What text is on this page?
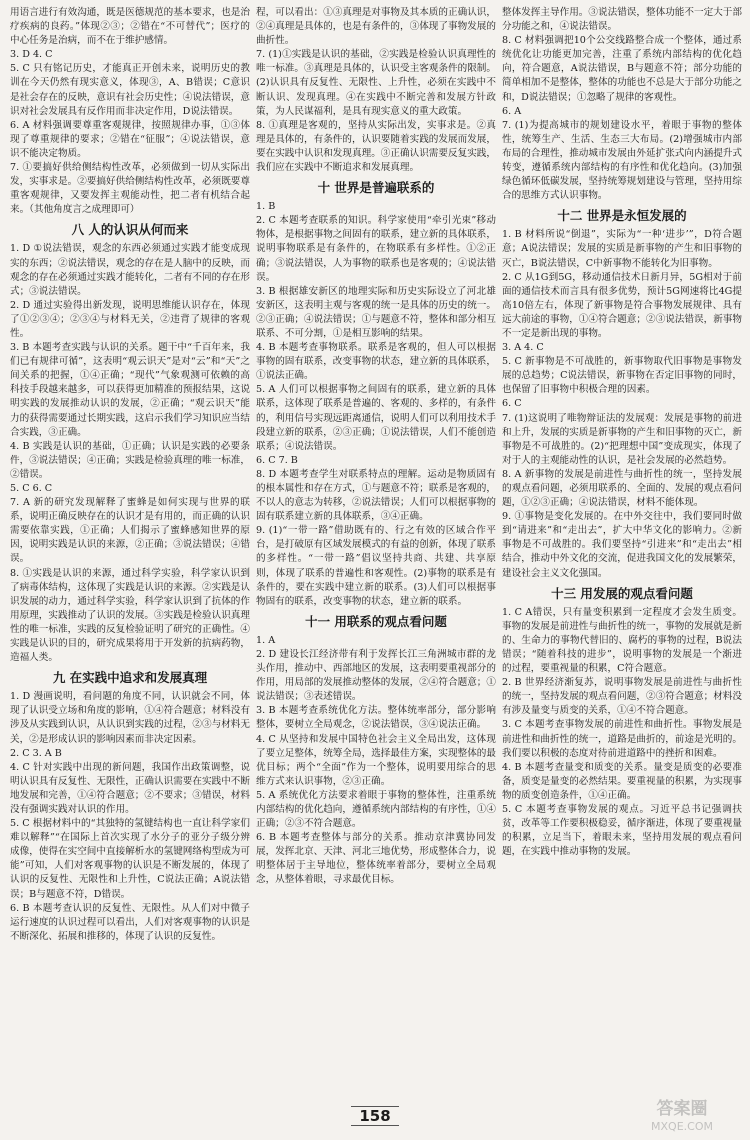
用语言进行有效沟通，既是医德规范的基本要求，也是治疗疾病的良药。”体现②③；②错在“不可替代”；医疗的中心任务是治病，而不在于维护感情。

3. D 4. C

5. C 只有铭记历史，才能真正开创未来，说明历史的教训在今天仍然有现实意义，体现③，A、B错误；C意识是社会存在的反映，意识有社会历史性；④说法错误，意识对社会发展具有反作用而非决定作用，D说法错误。

6. A 材料强调要尊重客观规律，按照规律办事，①③体现了尊重规律的要求；②错在“征服”；④说法错误，意识不能决定物质。

7. ①要搞好供给侧结构性改革，必须做到一切从实际出发，实事求是。②要搞好供给侧结构性改革，必须既要尊重客观规律，又要发挥主观能动性，把二者有机结合起来。（其他角度言之成理即可）

八 人的认识从何而来

1. D ①说法错误，观念的东西必须通过实践才能变成现实的东西；②说法错误，观念的存在是人脑中的反映，而观念的存在必须通过实践才能转化，二者有不同的存在形式；③说法错误。

2. D 通过实验得出新发现，说明思维能认识存在，体现了①②③④；②③④与材料无关，②违背了规律的客观性。

3. B 本题考查实践与认识的关系。题干中“千百年来，我们已有规律可循”，这表明“观云识天”是对“云”和“天”之间关系的把握，①④正确；“现代”气象观测可依赖的高科技手段越来越多，可以获得更加精准的预报结果，这说明实践的发展推动认识的发展，②正确；“观云识天”能力的获得需要通过长期实践，这启示我们学习知识应当结合实践，③正确。

4. B 实践是认识的基础，①正确；认识是实践的必要条件，③说法错误；④正确；实践是检验真理的唯一标准，②错误。

5. C 6. C

7. A 新的研究发现解释了蜜蜂是如何实现与世界的联系，说明正确反映存在的认识才是有用的，而正确的认识需要依靠实践，①正确；人们揭示了蜜蜂感知世界的原因，说明实践是认识的来源，②正确；③说法错误；④错误。

8. ①实践是认识的来源，通过科学实验，科学家认识到了病毒体结构，这体现了实践是认识的来源。②实践是认识发展的动力，通过科学实验，科学家认识到了抗体的作用原理，实践推动了认识的发展。③实践是检验认识真理性的唯一标准，实践的反复检验证明了研究的正确性。④实践是认识的目的，研究成果将用于开发新的抗病药物，造福人类。

九 在实践中追求和发展真理

1. D 漫画说明，看问题的角度不同，认识就会不同，体现了认识受立场和角度的影响，①④符合题意；材料没有涉及从实践到认识，从认识到实践的过程，②③与材料无关，②是形成认识的影响因素而非决定因素。

2. C 3. A B

4. C 针对实践中出现的新问题，我国作出政策调整，说明认识具有反复性、无限性，正确认识需要在实践中不断地发展和完善，①④符合题意；②不要求；③错误，材料没有强调实践对认识的作用。

5. C 根据材料中的“其独特的氢键结构也一直让科学家们难以解释”“在国际上首次实现了水分子的亚分子级分辨成像，使得在实空间中直接解析水的氢键网络构型成为可能”可知，人们对客观事物的认识是不断发展的，体现了认识的反复性、无限性和上升性，C说法正确；A说法错误；B与题意不符，D错误。

6. B 本题考查认识的反复性、无限性。从人们对中微子运行速度的认识过程可以看出，人们对客观事物的认识是不断深化、拓展和推移的，体现了认识的反复性。

程，可以看出：①③真理是对事物及其本质的正确认识，②④真理是具体的，也是有条件的，③体现了事物发展的曲折性。

7. (1)①实践是认识的基础，②实践是检验认识真理性的唯一标准。③真理是具体的，认识受主客观条件的限制。(2)认识具有反复性、无限性、上升性，必须在实践中不断认识、发现真理。④在实践中不断完善和发展方针政策，为人民谋福利，是具有现实意义的重大政策。

8. ①真理是客观的，坚持从实际出发，实事求是。②真理是具体的，有条件的，认识要随着实践的发展而发展，要在实践中认识和发现真理。③正确认识需要反复实践，我们应在实践中不断追求和发展真理。

十 世界是普遍联系的

1. B

2. C 本题考查联系的知识。科学家使用“牵引光束”移动物体，是根据事物之间固有的联系，建立新的具体联系，说明事物联系是有条件的，在物联系有多样性。①②正确；③说法错误，人为事物的联系也是客观的；④说法错误。

3. B 根据雄安新区的地理实际和历史实际设立了河北雄安新区，这表明主观与客观的统一是具体的历史的统一。②③正确；④说法错误；①与题意不符，整体和部分相互联系、不可分割，①是相互影响的结果。

4. B 本题考查事物联系。联系是客观的，但人可以根据事物的固有联系，改变事物的状态，建立新的具体联系，①说法正确。

5. A 人们可以根据事物之间固有的联系，建立新的具体联系，这体现了联系是普遍的、客观的、多样的，有条件的，利用信号实现远距离通信，说明人们可以利用技术手段建立新的联系，②③正确；①说法错误，人们不能创造联系；④说法错误。

6. C 7. B

8. D 本题考查学生对联系特点的理解。运动是物质固有的根本属性和存在方式，①与题意不符；联系是客观的，不以人的意志为转移，②说法错误；人们可以根据事物的固有联系建立新的具体联系，③④正确。

9. (1)“一带一路”借助既有的、行之有效的区域合作平台，是打破原有区域发展模式的有益的创新，体现了联系的多样性。“一带一路”倡议坚持共商、共建、共享原则，体现了联系的普遍性和客观性。(2)事物的联系是有条件的，要在实践中建立新的联系。(3)人们可以根据事物固有的联系，改变事物的状态，建立新的联系。

十一 用联系的观点看问题

1. A

2. D 建设长江经济带有利于发挥长江三角洲城市群的龙头作用，推动中、西部地区的发展，这表明要重视部分的作用，用局部的发展推动整体的发展，②④符合题意；①说法错误；③表述错误。

3. B 本题考查系统优化方法。整体统率部分，部分影响整体，要树立全局观念，②说法错误，③④说法正确。

4. C 从坚持和发展中国特色社会主义全局出发，这体现了要立足整体，统筹全局，选择最佳方案，实现整体的最优目标；两个“全面”作为一个整体，说明要用综合的思维方式来认识事物，②③正确。

5. A 系统优化方法要求着眼于事物的整体性，注重系统内部结构的优化趋向，遵循系统内部结构的有序性，①④正确；②③不符合题意。

6. B 本题考查整体与部分的关系。推动京津冀协同发展，发挥北京、天津、河北三地优势，形成整体合力，说明整体居于主导地位，整体统率着部分，要树立全局观念，从整体着眼，寻求最优目标。

整体发挥主导作用。③说法错误，整体功能不一定大于部分功能之和，④说法错误。

8. C 材料强调把10个公交线路整合成一个整体，通过系统优化让功能更加完善，注重了系统内部结构的优化趋向，符合题意，A说法错误，B与题意不符；部分功能的简单相加不是整体，整体的功能也不总是大于部分功能之和，D说法错误；①忽略了规律的客观性。

6. A

7. (1)为提高城市的规划建设水平，着眼于事物的整体性，统筹生产、生活、生态三大布局。(2)增强城市内部布局的合理性，推动城市发展由外延扩张式向内涵提升式转变，遵循系统内部结构的有序性和优化趋向。(3)加强绿色循环低碳发展，坚持统筹规划建设与管理，坚持用综合的思维方式认识事物。

十二 世界是永恒发展的

1. B 材料所说“倒退”，实际为“一种‘进步’”，D符合题意；A说法错误；发展的实质是新事物的产生和旧事物的灭亡，B说法错误，C中新事物不能转化为旧事物。

2. C 从1G到5G，移动通信技术日新月异，5G相对于前面的通信技术而言具有很多优势，预计5G网速将比4G提高10倍左右，体现了新事物是符合事物发展规律、具有远大前途的事物，①④符合题意；②③说法错误，新事物不一定是新出现的事物。

3. A 4. C

5. C 新事物是不可战胜的，新事物取代旧事物是事物发展的总趋势；C说法错误，新事物在否定旧事物的同时，也保留了旧事物中积极合理的因素。

6. C

7. (1)这说明了唯物辩证法的发展观：发展是事物的前进和上升，发展的实质是新事物的产生和旧事物的灭亡，新事物是不可战胜的。(2)“把理想中国”变成现实，体现了对于人的主观能动性的认识，是社会发展的必然趋势。

8. A 新事物的发展是前进性与曲折性的统一，坚持发展的观点看问题，必须用联系的、全面的、发展的观点看问题，①②③正确；④说法错误，材料不能体现。

9. ①事物是变化发展的。在中外交往中，我们要同时做到“请进来”和“走出去”，扩大中华文化的影响力。②新事物是不可战胜的。我们要坚持“引进来”和“走出去”相结合，推动中外文化的交流，促进我国文化的发展繁荣，建设社会主义文化强国。

十三 用发展的观点看问题

1. C A错误，只有量变积累到一定程度才会发生质变。事物的发展是前进性与曲折性的统一，事物的发展就是新的、生命力的事物代替旧的、腐朽的事物的过程，B说法错误；“随着科技的进步”，说明事物的发展是一个渐进的过程，要重视量的积累，C符合题意。

2. B 世界经济渐复苏，说明事物发展是前进性与曲折性的统一，坚持发展的观点看问题，②③符合题意；材料没有涉及量变与质变的关系，①④不符合题意。

3. C 本题考查事物发展的前进性和曲折性。事物发展是前进性和曲折性的统一，道路是曲折的，前途是光明的。我们要以积极的态度对待前进道路中的挫折和困难。

4. B 本题考查量变和质变的关系。量变是质变的必要准备，质变是量变的必然结果。要重视量的积累，为实现事物的质变创造条件，①④正确。

5. C 本题考查事物发展的观点。习近平总书记强调扶贫，改革等工作要积极稳妥，循序渐进，体现了要重视量的积累，立足当下，着眼未来，坚持用发展的观点看问题，在实践中推动事物的发展。

158	答案圈
MXQE.COM
